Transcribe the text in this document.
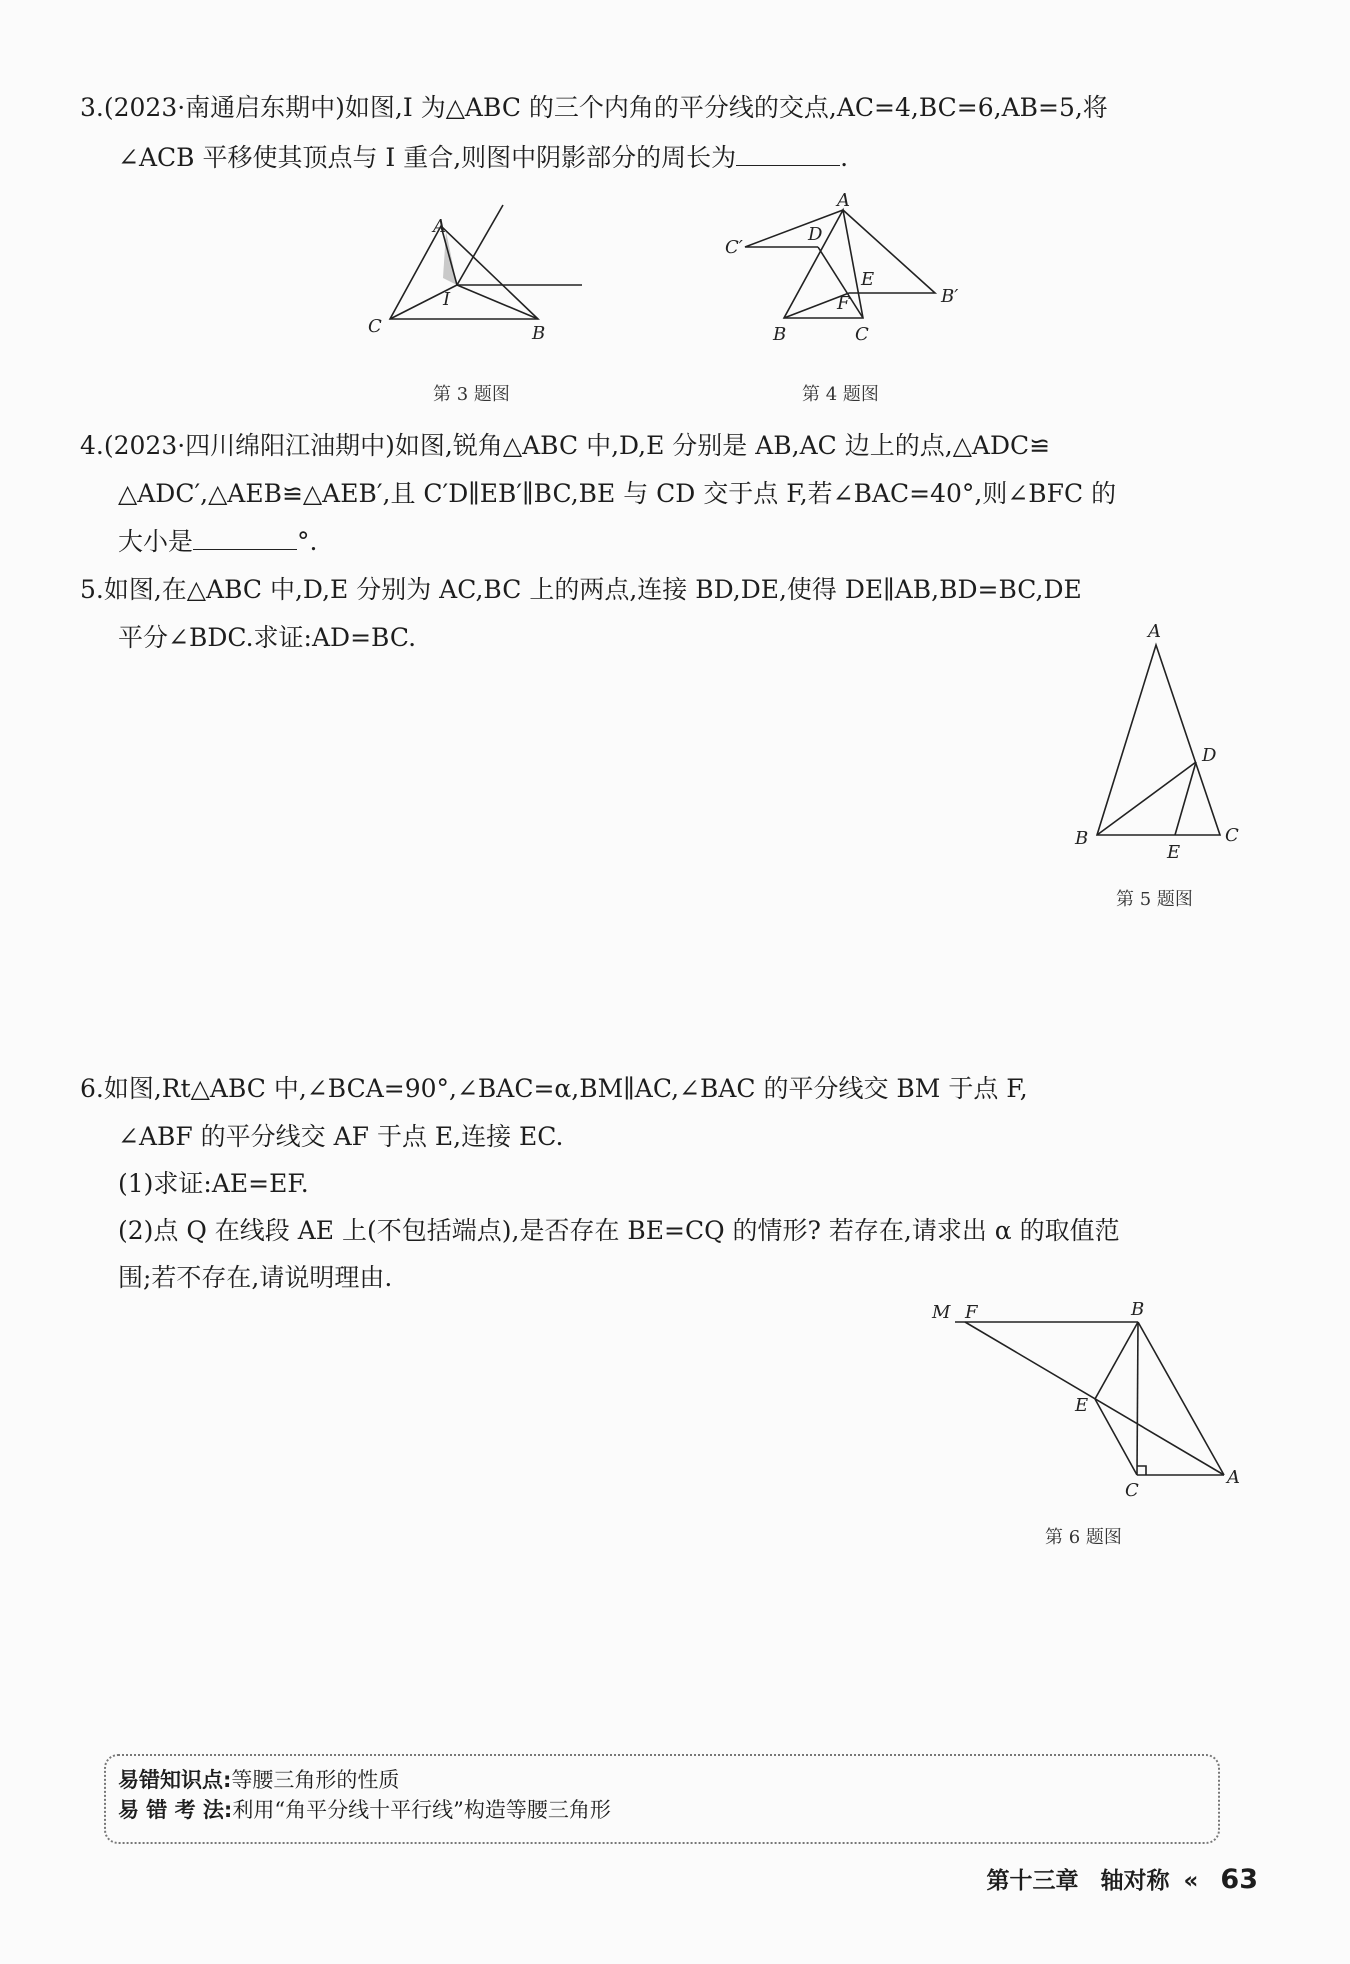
3.(2023·南通启东期中)如图,I 为△ABC 的三个内角的平分线的交点,AC=4,BC=6,AB=5,将
∠ACB 平移使其顶点与 I 重合,则图中阴影部分的周长为	.
A
C	B
I
第 3 题图
A
C′
D
E
B′
F
B	C
第 4 题图
4.(2023·四川绵阳江油期中)如图,锐角△ABC 中,D,E 分别是 AB,AC 边上的点,△ADC≌
△ADC′,△AEB≌△AEB′,且 C′D∥EB′∥BC,BE 与 CD 交于点 F,若∠BAC=40°,则∠BFC 的
大小是	°.
5.如图,在△ABC 中,D,E 分别为 AC,BC 上的两点,连接 BD,DE,使得 DE∥AB,BD=BC,DE
平分∠BDC.求证:AD=BC.	A
D
B
E
C
第 5 题图
6.如图,Rt△ABC 中,∠BCA=90°,∠BAC=α,BM∥AC,∠BAC 的平分线交 BM 于点 F,
∠ABF 的平分线交 AF 于点 E,连接 EC.
(1)求证:AE=EF.
(2)点 Q 在线段 AE 上(不包括端点),是否存在 BE=CQ 的情形? 若存在,请求出 α 的取值范
围;若不存在,请说明理由.
M F	B
E
C
A
第 6 题图
易错知识点:等腰三角形的性质
易 错 考 法:利用“角平分线十平行线”构造等腰三角形
第十三章 轴对称 « 63
